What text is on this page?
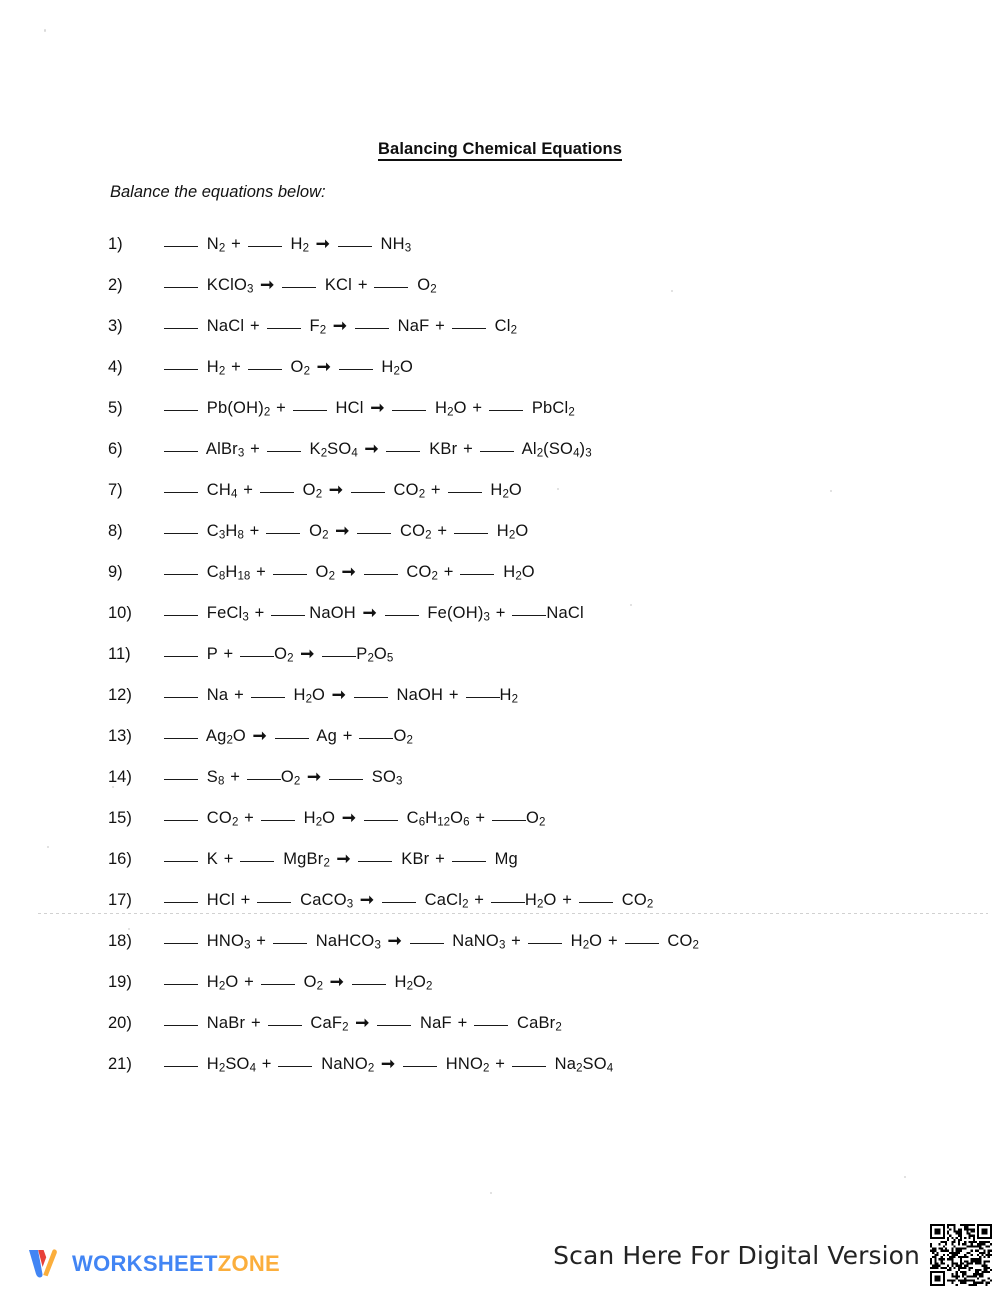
Balancing Chemical Equations
Balance the equations below:
1)	$N_2$ +	$H_2$ ➞	$NH_3$
2)	KClO$_3$ ➞	KCl +	$O_2$
3)	NaCl +	$F_2$ ➞	NaF +	$Cl_2$
4)	$H_2$ +	$O_2$ ➞	$H_2O$
5)	$Pb(OH)_2$ +	HCl ➞	$H_2O$ +	PbCl$_2$
6)	AlBr$_3$ +	$K_2SO_4$ ➞	KBr +	$Al_2(SO_4)_3$
7)	$CH_4$ +	$O_2$ ➞	$CO_2$ +	$H_2O$
8)	$C_3H_8$ +	$O_2$ ➞	$CO_2$ +	$H_2O$
9)	$C_8H_{18}$ +	$O_2$ ➞	$CO_2$ +	$H_2O$
10)	FeCl$_3$ +	NaOH ➞	$Fe(OH)_3$ + NaCl
11)	$P + O_2$ ➞	$P_2O_5$
12)	Na +	$H_2O$ ➞	NaOH + $H_2$
13)	$Ag_2O$ ➞	$Ag + O_2$
14)	$S_8 + O_2$ ➞	$SO_3$
15)	$CO_2$ +	$H_2O$ ➞	$C_6H_{12}O_6 + O_2$
16)	K +	MgBr$_2$ ➞	KBr +	Mg
17)	HCl +	CaCO$_3$ ➞	CaCl$_2$ + $H_2O$ +	$CO_2$
18)	$HNO_3$ +	NaHCO$_3$ ➞	NaNO$_3$ +	$H_2O$ +	$CO_2$
19)	$H_2O$ +	$O_2$ ➞	$H_2O_2$
20)	NaBr +	CaF$_2$ ➞	NaF +	CaBr$_2$
21)	$H_2SO_4$ +	NaNO$_2$ ➞	$HNO_2$ +	$Na_2SO_4$
WORKSHEETZONE	Scan Here For Digital Version
